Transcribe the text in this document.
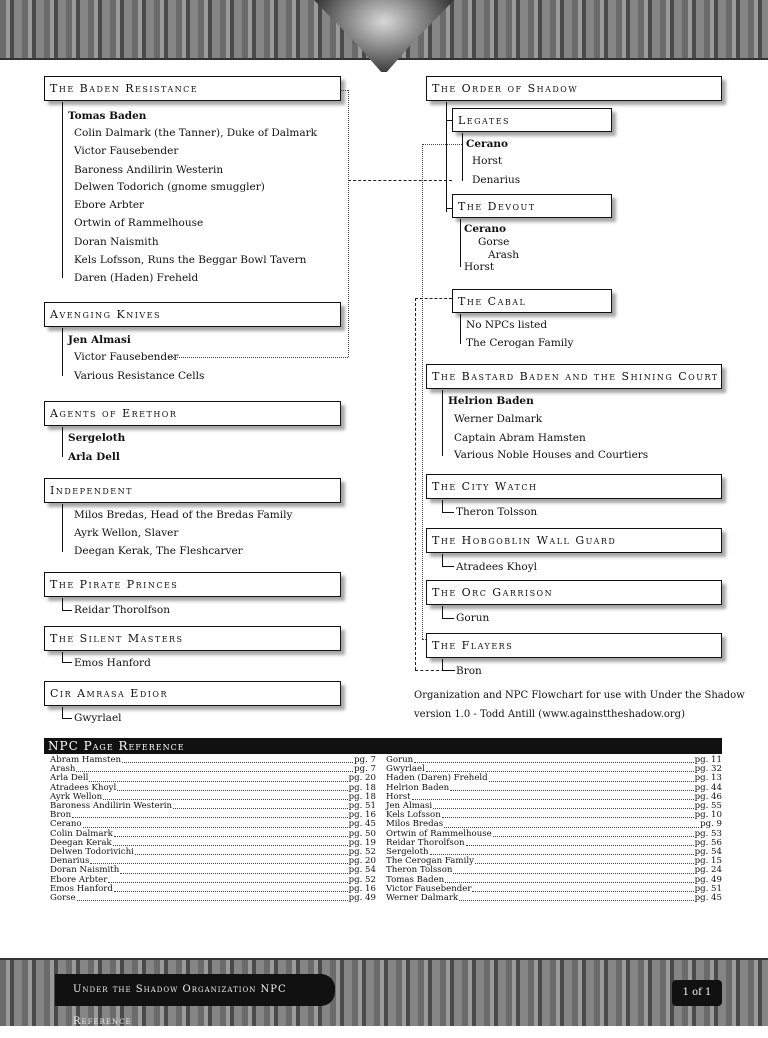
The Baden Resistance
Tomas Baden
Colin Dalmark (the Tanner), Duke of Dalmark
Victor Fausebender
Baroness Andilirin Westerin
Delwen Todorich (gnome smuggler)
Ebore Arbter
Ortwin of Rammelhouse
Doran Naismith
Kels Lofsson, Runs the Beggar Bowl Tavern
Daren (Haden) Freheld
Avenging Knives
Jen Almasi
Victor Fausebender
Various Resistance Cells
Agents of Erethor
Sergeloth
Arla Dell
Independent
Milos Bredas, Head of the Bredas Family
Ayrk Wellon, Slaver
Deegan Kerak, The Fleshcarver
The Pirate Princes
Reidar Thorolfson
The Silent Masters
Emos Hanford
Cir Amrasa Edior
Gwyrlael
The Order of Shadow
Legates
Cerano
Horst
Denarius
The Devout
Cerano
Gorse
Arash
Horst
The Cabal
No NPCs listed
The Cerogan Family
The Bastard Baden and the Shining Court
Helrion Baden
Werner Dalmark
Captain Abram Hamsten
Various Noble Houses and Courtiers
The City Watch
Theron Tolsson
The Hobgoblin Wall Guard
Atradees Khoyl
The Orc Garrison
Gorun
The Flayers
Bron
Organization and NPC Flowchart for use with Under the Shadow
version 1.0 - Todd Antill (www.againsttheshadow.org)
NPC Page Reference
Abram Hamsten	pg. 7
Arash	pg. 7
Arla Dell	pg. 20
Atradees Khoyl	pg. 18
Ayrk Wellon	pg. 18
Baroness Andilirin Westerin	pg. 51
Bron	pg. 16
Cerano	pg. 45
Colin Dalmark	pg. 50
Deegan Kerak	pg. 19
Delwen Todorivichi	pg. 52
Denarius	pg. 20
Doran Naismith	pg. 54
Ebore Arbter	pg. 52
Emos Hanford	pg. 16
Gorse	pg. 49
Gorun	pg. 11
Gwyrlael	pg. 32
Haden (Daren) Freheld	pg. 13
Helrion Baden	pg. 44
Horst	pg. 46
Jen Almasi	pg. 55
Kels Lofsson	pg. 10
Milos Bredas	pg. 9
Ortwin of Rammelhouse	pg. 53
Reidar Thorolfson	pg. 56
Sergeloth	pg. 54
The Cerogan Family	pg. 15
Theron Tolsson	pg. 24
Tomas Baden	pg. 49
Victor Fausebender	pg. 51
Werner Dalmark	pg. 45
Under the Shadow Organization NPC Reference
1 of 1
